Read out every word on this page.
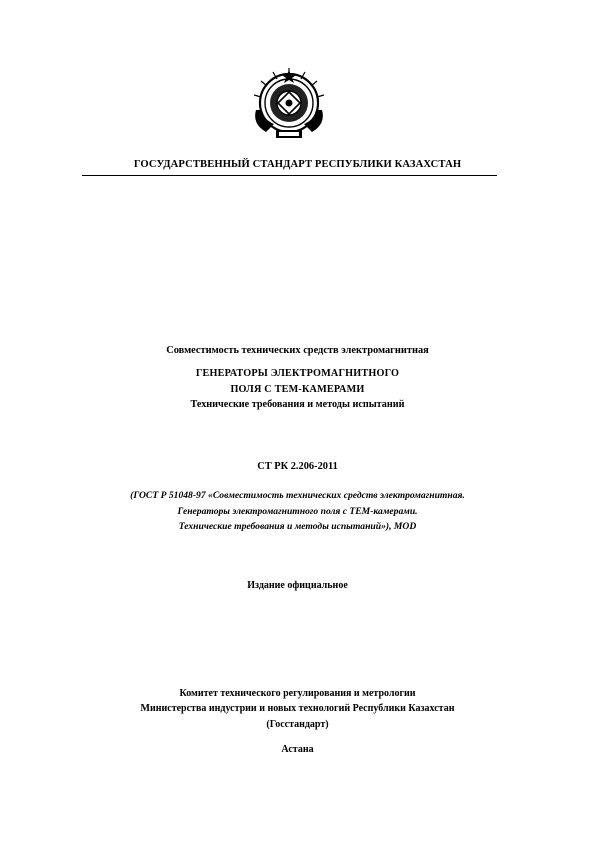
ГОСУДАРСТВЕННЫЙ СТАНДАРТ РЕСПУБЛИКИ КАЗАХСТАН
Совместимость технических средств электромагнитная
ГЕНЕРАТОРЫ ЭЛЕКТРОМАГНИТНОГО
ПОЛЯ С ТЕМ-КАМЕРАМИ
Технические требования и методы испытаний
СТ РК 2.206-2011
(ГОСТ Р 51048-97 «Совместимость технических средств электромагнитная.
Генераторы электромагнитного поля с ТЕМ-камерами.
Технические требования и методы испытаний»), MOD
Издание официальное
Комитет технического регулирования и метрологии
Министерства индустрии и новых технологий Республики Казахстан
(Госстандарт)
Астана
